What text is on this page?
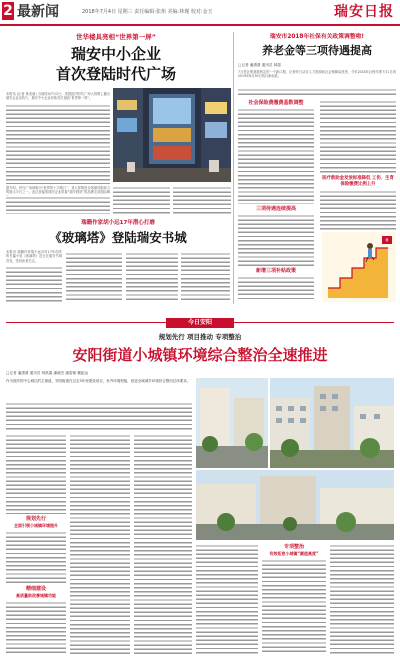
2 最新闻	2018年7月4日 星期三 责任编辑:张焰 美编:林瑾 校对:金玉	瑞安日报
世华楼具亮相“世界第一屏”
瑞安中小企业
首次登陆时代广场
本报讯 (记者 林美丽) 当地时间7月2日，美国纽约时代广场大屏幕上播出瑞安企业宣传片，瑞安中小企业形象首次登陆“世界第一屏”。
据介绍，时代广场被称为“世界的十字路口”，其大屏幕是全球最具影响力的展示平台之一。此次登陆的瑞安企业带着“瑞安制造”的品牌走向国际舞
瑞籍作家胡小远17年潜心打磨
《玻璃塔》登陆瑞安书城
本报讯 瑞籍作家胡小远历时17年创作的长篇小说《玻璃塔》近日在瑞安书城首发，受到读者关注。
瑞安市2018年社保有关政策调整啦!
养老金等三项待遇提高
□记者 潘潇潇 通讯员 林超
7月是社保基数核定的一个新口期，记者昨日从市人力资源和社会保障局获悉，今年2018年社保年度7月1日到2019年6月30日执行新标准。
社会保险费缴费基数调整
三项待遇连续提高
新增三项补贴政策
医疗救助金发放标准降低 工伤、生育保险缴费比例上升
¥
今日安阳
规划先行 项目推动 专项整治
安阳街道小城镇环境综合整治全速推进
□记者 潘潇潇 通讯员 林晨露 潘晓杰 潘碧敏 戴振远
作为瑞安的中心城区的主街道，安阳街道在过去3年里建设项目，补齐环境短板，营造全域城乡环境综合整治总体要求。
规划先行
全面引领小城镇环境提升
精细建设
高质量助改善城镇功能
专项整治
有效拓宽小城镇“颜值高度”
